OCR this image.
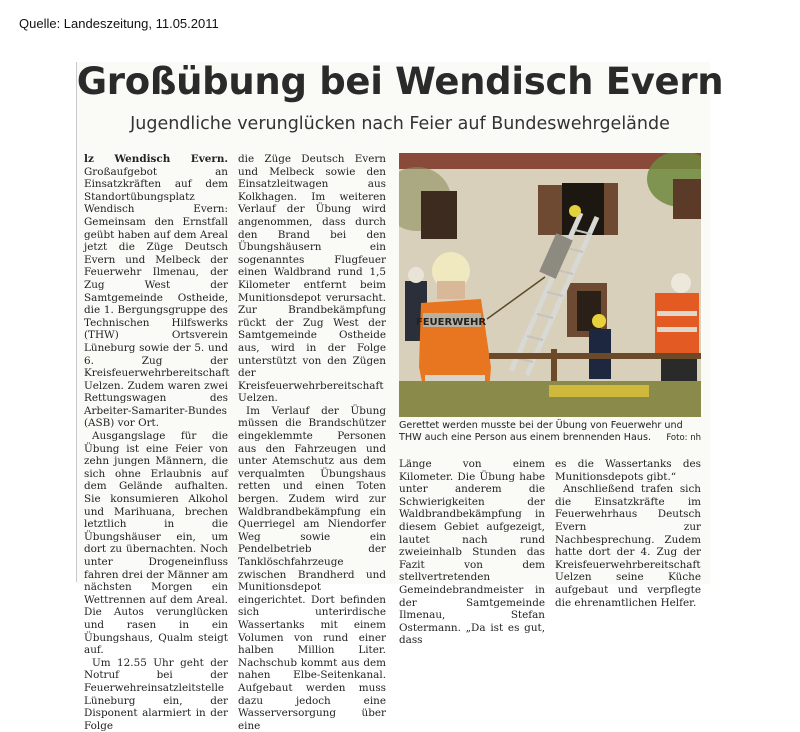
Quelle: Landeszeitung, 11.05.2011
Großübung bei Wendisch Evern
Jugendliche verunglücken nach Feier auf Bundeswehrgelände

lz Wendisch Evern. Großaufgebot an Einsatzkräften auf dem Standortübungsplatz Wendisch Evern: Gemeinsam den Ernstfall geübt haben auf dem Areal jetzt die Züge Deutsch Evern und Melbeck der Feuerwehr Ilmenau, der Zug West der Samtgemeinde Ostheide, die 1. Bergungsgruppe des Technischen Hilfswerks (THW) Ortsverein Lüneburg sowie der 5. und 6. Zug der Kreisfeuerwehrbereitschaft Uelzen. Zudem waren zwei Rettungswagen des Arbeiter-Samariter-Bundes (ASB) vor Ort.

Ausgangslage für die Übung ist eine Feier von zehn jungen Männern, die sich ohne Erlaubnis auf dem Gelände aufhalten. Sie konsumieren Alkohol und Marihuana, brechen letztlich in die Übungshäuser ein, um dort zu übernachten. Noch unter Drogeneinfluss fahren drei der Männer am nächsten Morgen ein Wettrennen auf dem Areal. Die Autos verunglücken und rasen in ein Übungshaus, Qualm steigt auf.

Um 12.55 Uhr geht der Notruf bei der Feuerwehreinsatzleitstelle Lüneburg ein, der Disponent alarmiert in der Folge

die Züge Deutsch Evern und Melbeck sowie den Einsatzleitwagen aus Kolkhagen. Im weiteren Verlauf der Übung wird angenommen, dass durch den Brand bei den Übungshäusern ein sogenanntes Flugfeuer einen Waldbrand rund 1,5 Kilometer entfernt beim Munitionsdepot verursacht. Zur Brandbekämpfung rückt der Zug West der Samtgemeinde Ostheide aus, wird in der Folge unterstützt von den Zügen der Kreisfeuerwehrbereitschaft Uelzen.

Im Verlauf der Übung müssen die Brandschützer eingeklemmte Personen aus den Fahrzeugen und unter Atemschutz aus dem verqualmten Übungshaus retten und einen Toten bergen. Zudem wird zur Waldbrandbekämpfung ein Querriegel am Niendorfer Weg sowie ein Pendelbetrieb der Tanklöschfahrzeuge zwischen Brandherd und Munitionsdepot eingerichtet. Dort befinden sich unterirdische Wassertanks mit einem Volumen von rund einer halben Million Liter. Nachschub kommt aus dem nahen Elbe-Seitenkanal. Aufgebaut werden muss dazu jedoch eine Wasserversorgung über eine

FEUERWEHR
Gerettet werden musste bei der Übung von Feuerwehr und THW auch eine Person aus einem brennenden Haus. Foto: nh

Länge von einem Kilometer. Die Übung habe unter anderem die Schwierigkeiten der Waldbrandbekämpfung in diesem Gebiet aufgezeigt, lautet nach rund zweieinhalb Stunden das Fazit von dem stellvertretenden Gemeindebrandmeister in der Samtgemeinde Ilmenau, Stefan Ostermann. „Da ist es gut, dass

es die Wassertanks des Munitionsdepots gibt.“

Anschließend trafen sich die Einsatzkräfte im Feuerwehrhaus Deutsch Evern zur Nachbesprechung. Zudem hatte dort der 4. Zug der Kreisfeuerwehrbereitschaft Uelzen seine Küche aufgebaut und verpflegte die ehrenamtlichen Helfer.
